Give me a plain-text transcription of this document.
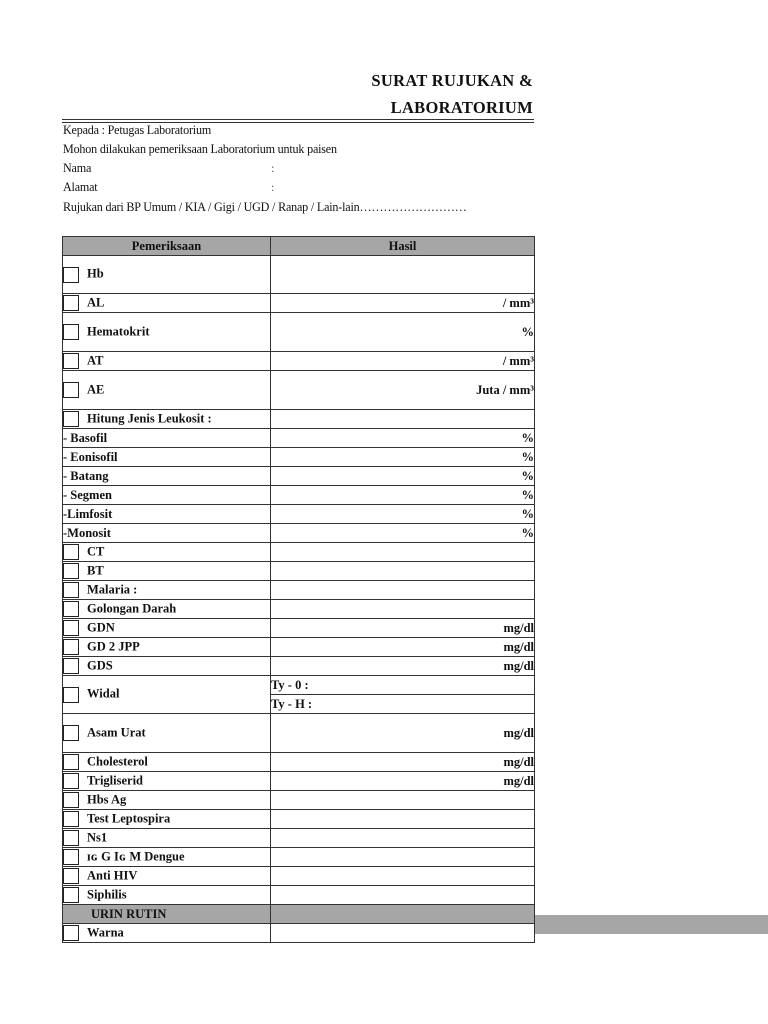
SURAT RUJUKAN &
LABORATORIUM
Kepada : Petugas Laboratorium
Mohon dilakukan pemeriksaan Laboratorium untuk paisen
Nama	:
Alamat	:
Rujukan dari BP Umum / KIA / Gigi / UGD / Ranap / Lain-lain………………………
Pemeriksaan	Hasil
Hb	
AL	/ mm³
Hematokrit	%
AT	/ mm³
AE	Juta / mm³
Hitung Jenis Leukosit :	
- Basofil	%
- Eonisofil	%
- Batang	%
- Segmen	%
-Limfosit	%
-Monosit	%
CT	
BT	
Malaria :	
Golongan Darah	
GDN	mg/dl
GD 2 JPP	mg/dl
GDS	mg/dl
Widal	Ty - 0 :
	Ty - H :
Asam Urat	mg/dl
Cholesterol	mg/dl
Trigliserid	mg/dl
Hbs Ag	
Test Leptospira	
Ns1	
ɪɢ G Iɢ M Dengue	
Anti HIV	
Siphilis	
URIN RUTIN	
Warna	
